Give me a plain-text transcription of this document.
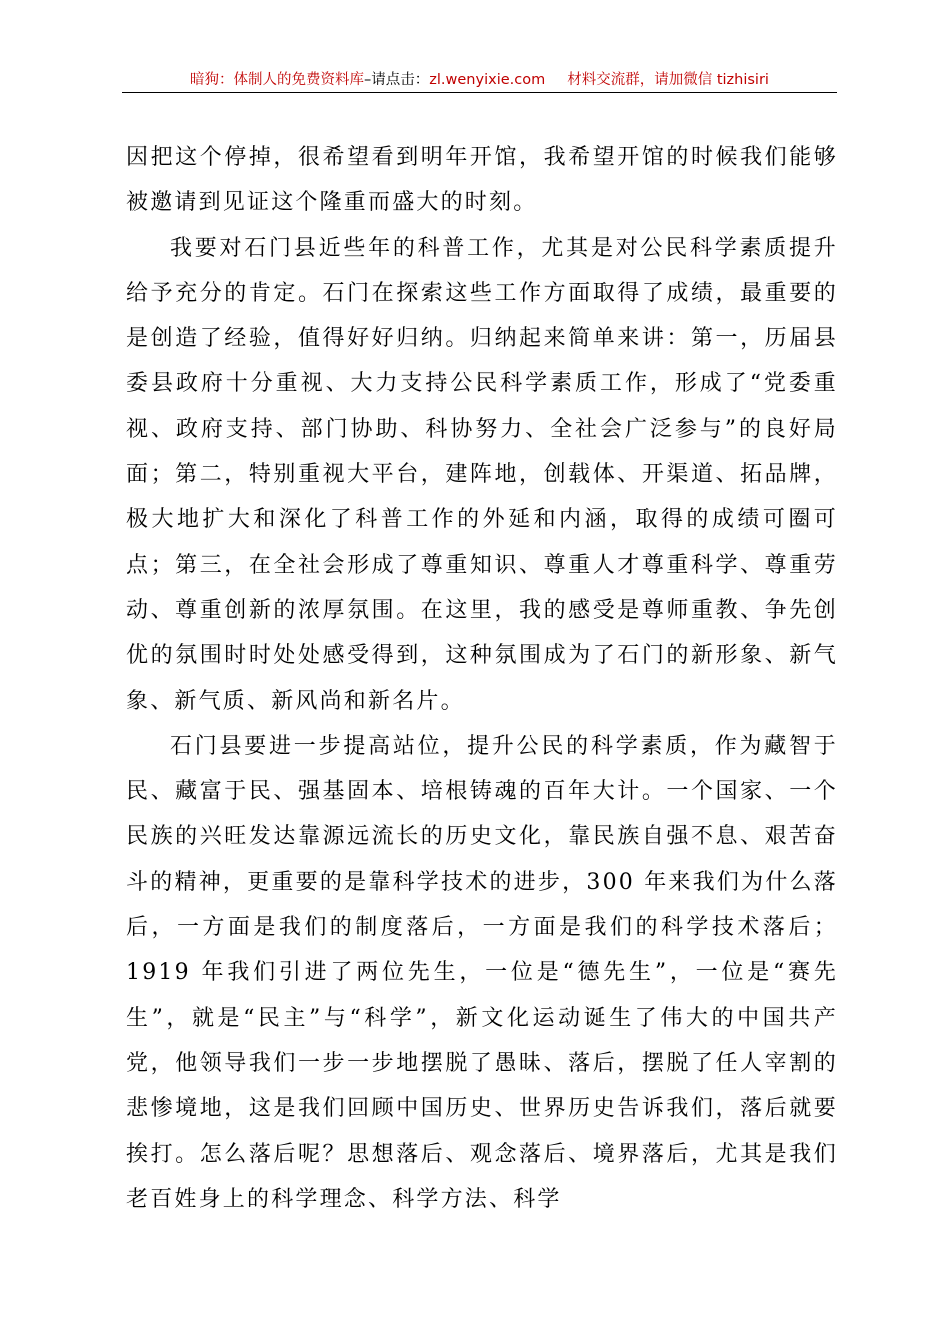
暗狗：体制人的免费资料库–请点击：zl.wenyixie.com 材料交流群，请加微信 tizhisiri

因把这个停掉，很希望看到明年开馆，我希望开馆的时候我们能够被邀请到见证这个隆重而盛大的时刻。

我要对石门县近些年的科普工作，尤其是对公民科学素质提升给予充分的肯定。石门在探索这些工作方面取得了成绩，最重要的是创造了经验，值得好好归纳。归纳起来简单来讲：第一，历届县委县政府十分重视、大力支持公民科学素质工作，形成了“党委重视、政府支持、部门协助、科协努力、全社会广泛参与”的良好局面；第二，特别重视大平台，建阵地，创载体、开渠道、拓品牌，极大地扩大和深化了科普工作的外延和内涵，取得的成绩可圈可点；第三，在全社会形成了尊重知识、尊重人才尊重科学、尊重劳动、尊重创新的浓厚氛围。在这里，我的感受是尊师重教、争先创优的氛围时时处处感受得到，这种氛围成为了石门的新形象、新气象、新气质、新风尚和新名片。

石门县要进一步提高站位，提升公民的科学素质，作为藏智于民、藏富于民、强基固本、培根铸魂的百年大计。一个国家、一个民族的兴旺发达靠源远流长的历史文化，靠民族自强不息、艰苦奋斗的精神，更重要的是靠科学技术的进步，300 年来我们为什么落后，一方面是我们的制度落后，一方面是我们的科学技术落后；1919 年我们引进了两位先生，一位是“德先生”，一位是“赛先生”，就是“民主”与“科学”，新文化运动诞生了伟大的中国共产党，他领导我们一步一步地摆脱了愚昧、落后，摆脱了任人宰割的悲惨境地，这是我们回顾中国历史、世界历史告诉我们，落后就要挨打。怎么落后呢？思想落后、观念落后、境界落后，尤其是我们老百姓身上的科学理念、科学方法、科学
